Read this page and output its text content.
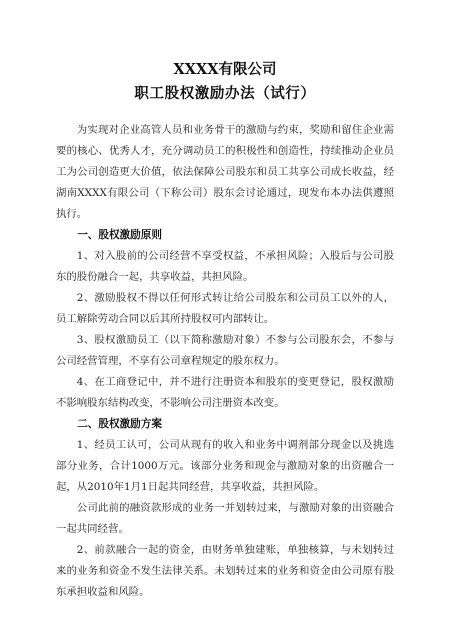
XXXX有限公司
职工股权激励办法（试行）

为实现对企业高管人员和业务骨干的激励与约束，奖励和留住企业需要的核心、优秀人才，充分调动员工的积极性和创造性，持续推动企业员工为公司创造更大价值，依法保障公司股东和员工共享公司成长收益，经湖南XXXX有限公司（下称公司）股东会讨论通过，现发布本办法供遵照执行。

一、股权激励原则

1、对入股前的公司经营不享受权益，不承担风险；入股后与公司股东的股份融合一起，共享收益，共担风险。

2、激励股权不得以任何形式转让给公司股东和公司员工以外的人，员工解除劳动合同以后其所持股权可内部转让。

3、股权激励员工（以下简称激励对象）不参与公司股东会，不参与公司经营管理，不享有公司章程规定的股东权力。

4、在工商登记中，并不进行注册资本和股东的变更登记，股权激励不影响股东结构改变，不影响公司注册资本改变。

二、股权激励方案

1、经员工认可，公司从现有的收入和业务中调剂部分现金以及挑选部分业务，合计1000万元。该部分业务和现金与激励对象的出资融合一起，从2010年1月1日起共同经营，共享收益，共担风险。

公司此前的融资款形成的业务一并划转过来，与激励对象的出资融合一起共同经营。

2、前款融合一起的资金，由财务单独建账，单独核算，与未划转过来的业务和资金不发生法律关系。未划转过来的业务和资金由公司原有股东承担收益和风险。
